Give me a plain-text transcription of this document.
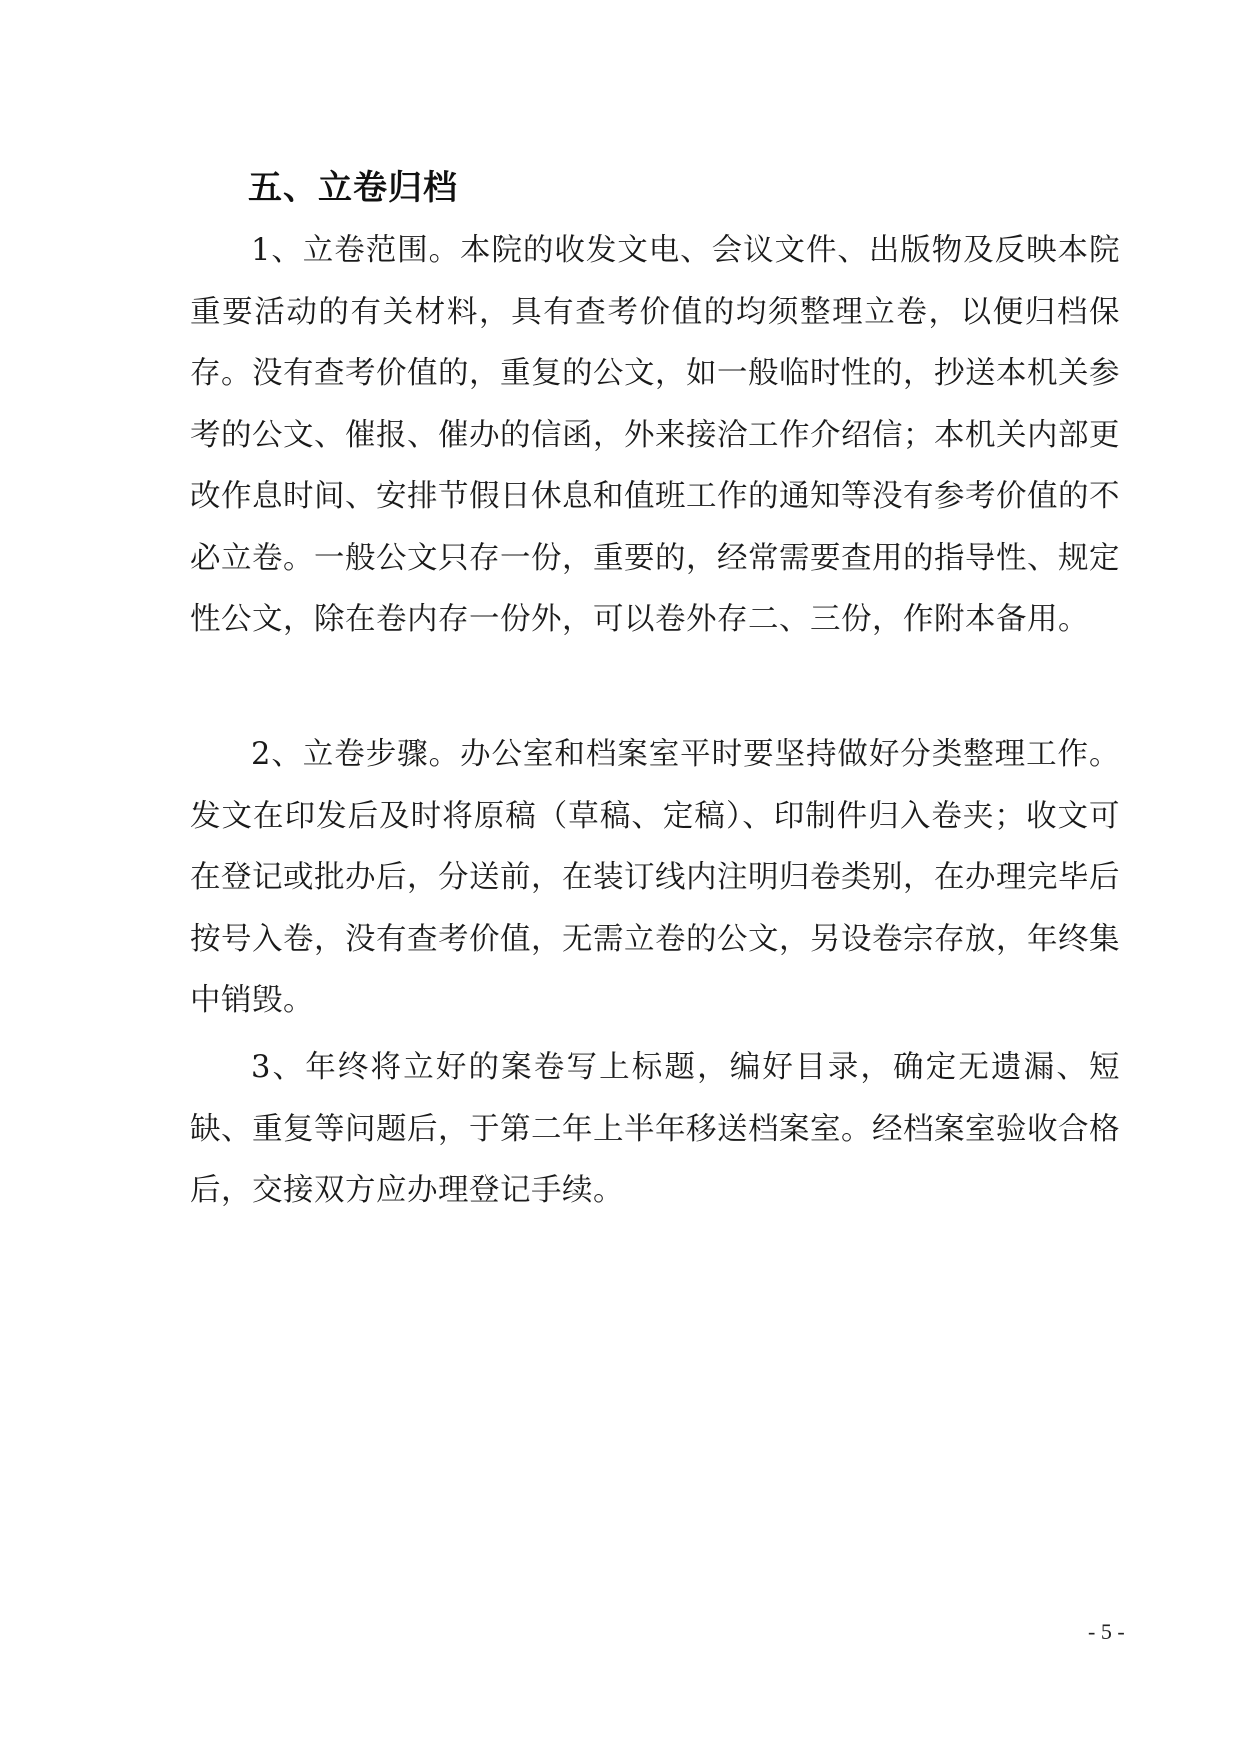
五、立卷归档

1、立卷范围。本院的收发文电、会议文件、出版物及反映本院重要活动的有关材料，具有查考价值的均须整理立卷，以便归档保存。没有查考价值的，重复的公文，如一般临时性的，抄送本机关参考的公文、催报、催办的信函，外来接洽工作介绍信；本机关内部更改作息时间、安排节假日休息和值班工作的通知等没有参考价值的不必立卷。一般公文只存一份，重要的，经常需要查用的指导性、规定性公文，除在卷内存一份外，可以卷外存二、三份，作附本备用。

2、立卷步骤。办公室和档案室平时要坚持做好分类整理工作。发文在印发后及时将原稿（草稿、定稿）、印制件归入卷夹；收文可在登记或批办后，分送前，在装订线内注明归卷类别，在办理完毕后按号入卷，没有查考价值，无需立卷的公文，另设卷宗存放，年终集中销毁。

3、年终将立好的案卷写上标题，编好目录，确定无遗漏、短缺、重复等问题后，于第二年上半年移送档案室。经档案室验收合格后，交接双方应办理登记手续。

- 5 -
